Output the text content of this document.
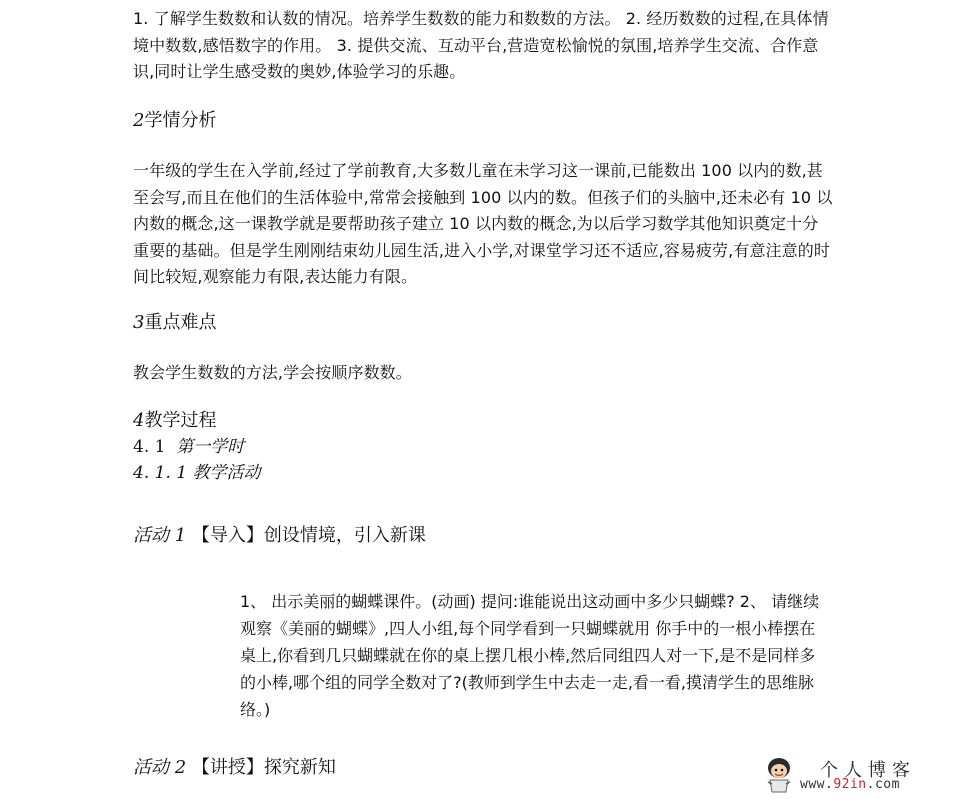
1. 了解学生数数和认数的情况。培养学生数数的能力和数数的方法。 2. 经历数数的过程,在具体情境中数数,感悟数字的作用。 3. 提供交流、互动平台,营造宽松愉悦的氛围,培养学生交流、合作意识,同时让学生感受数的奥妙,体验学习的乐趣。
2学情分析
一年级的学生在入学前,经过了学前教育,大多数儿童在未学习这一课前,已能数出 100 以内的数,甚至会写,而且在他们的生活体验中,常常会接触到 100 以内的数。但孩子们的头脑中,还未必有 10 以内数的概念,这一课教学就是要帮助孩子建立 10 以内数的概念,为以后学习数学其他知识奠定十分重要的基础。但是学生刚刚结束幼儿园生活,进入小学,对课堂学习还不适应,容易疲劳,有意注意的时间比较短,观察能力有限,表达能力有限。
3重点难点
教会学生数数的方法,学会按顺序数数。
4教学过程
4. 1 第一学时
4. 1. 1 教学活动
活动 1 【导入】创设情境，引入新课
1、 出示美丽的蝴蝶课件。(动画) 提问:谁能说出这动画中多少只蝴蝶? 2、 请继续观察《美丽的蝴蝶》,四人小组,每个同学看到一只蝴蝶就用 你手中的一根小棒摆在桌上,你看到几只蝴蝶就在你的桌上摆几根小棒,然后同组四人对一下,是不是同样多的小棒,哪个组的同学全数对了?(教师到学生中去走一走,看一看,摸清学生的思维脉络。)
活动 2 【讲授】探究新知	个人博客
www.92in.com
